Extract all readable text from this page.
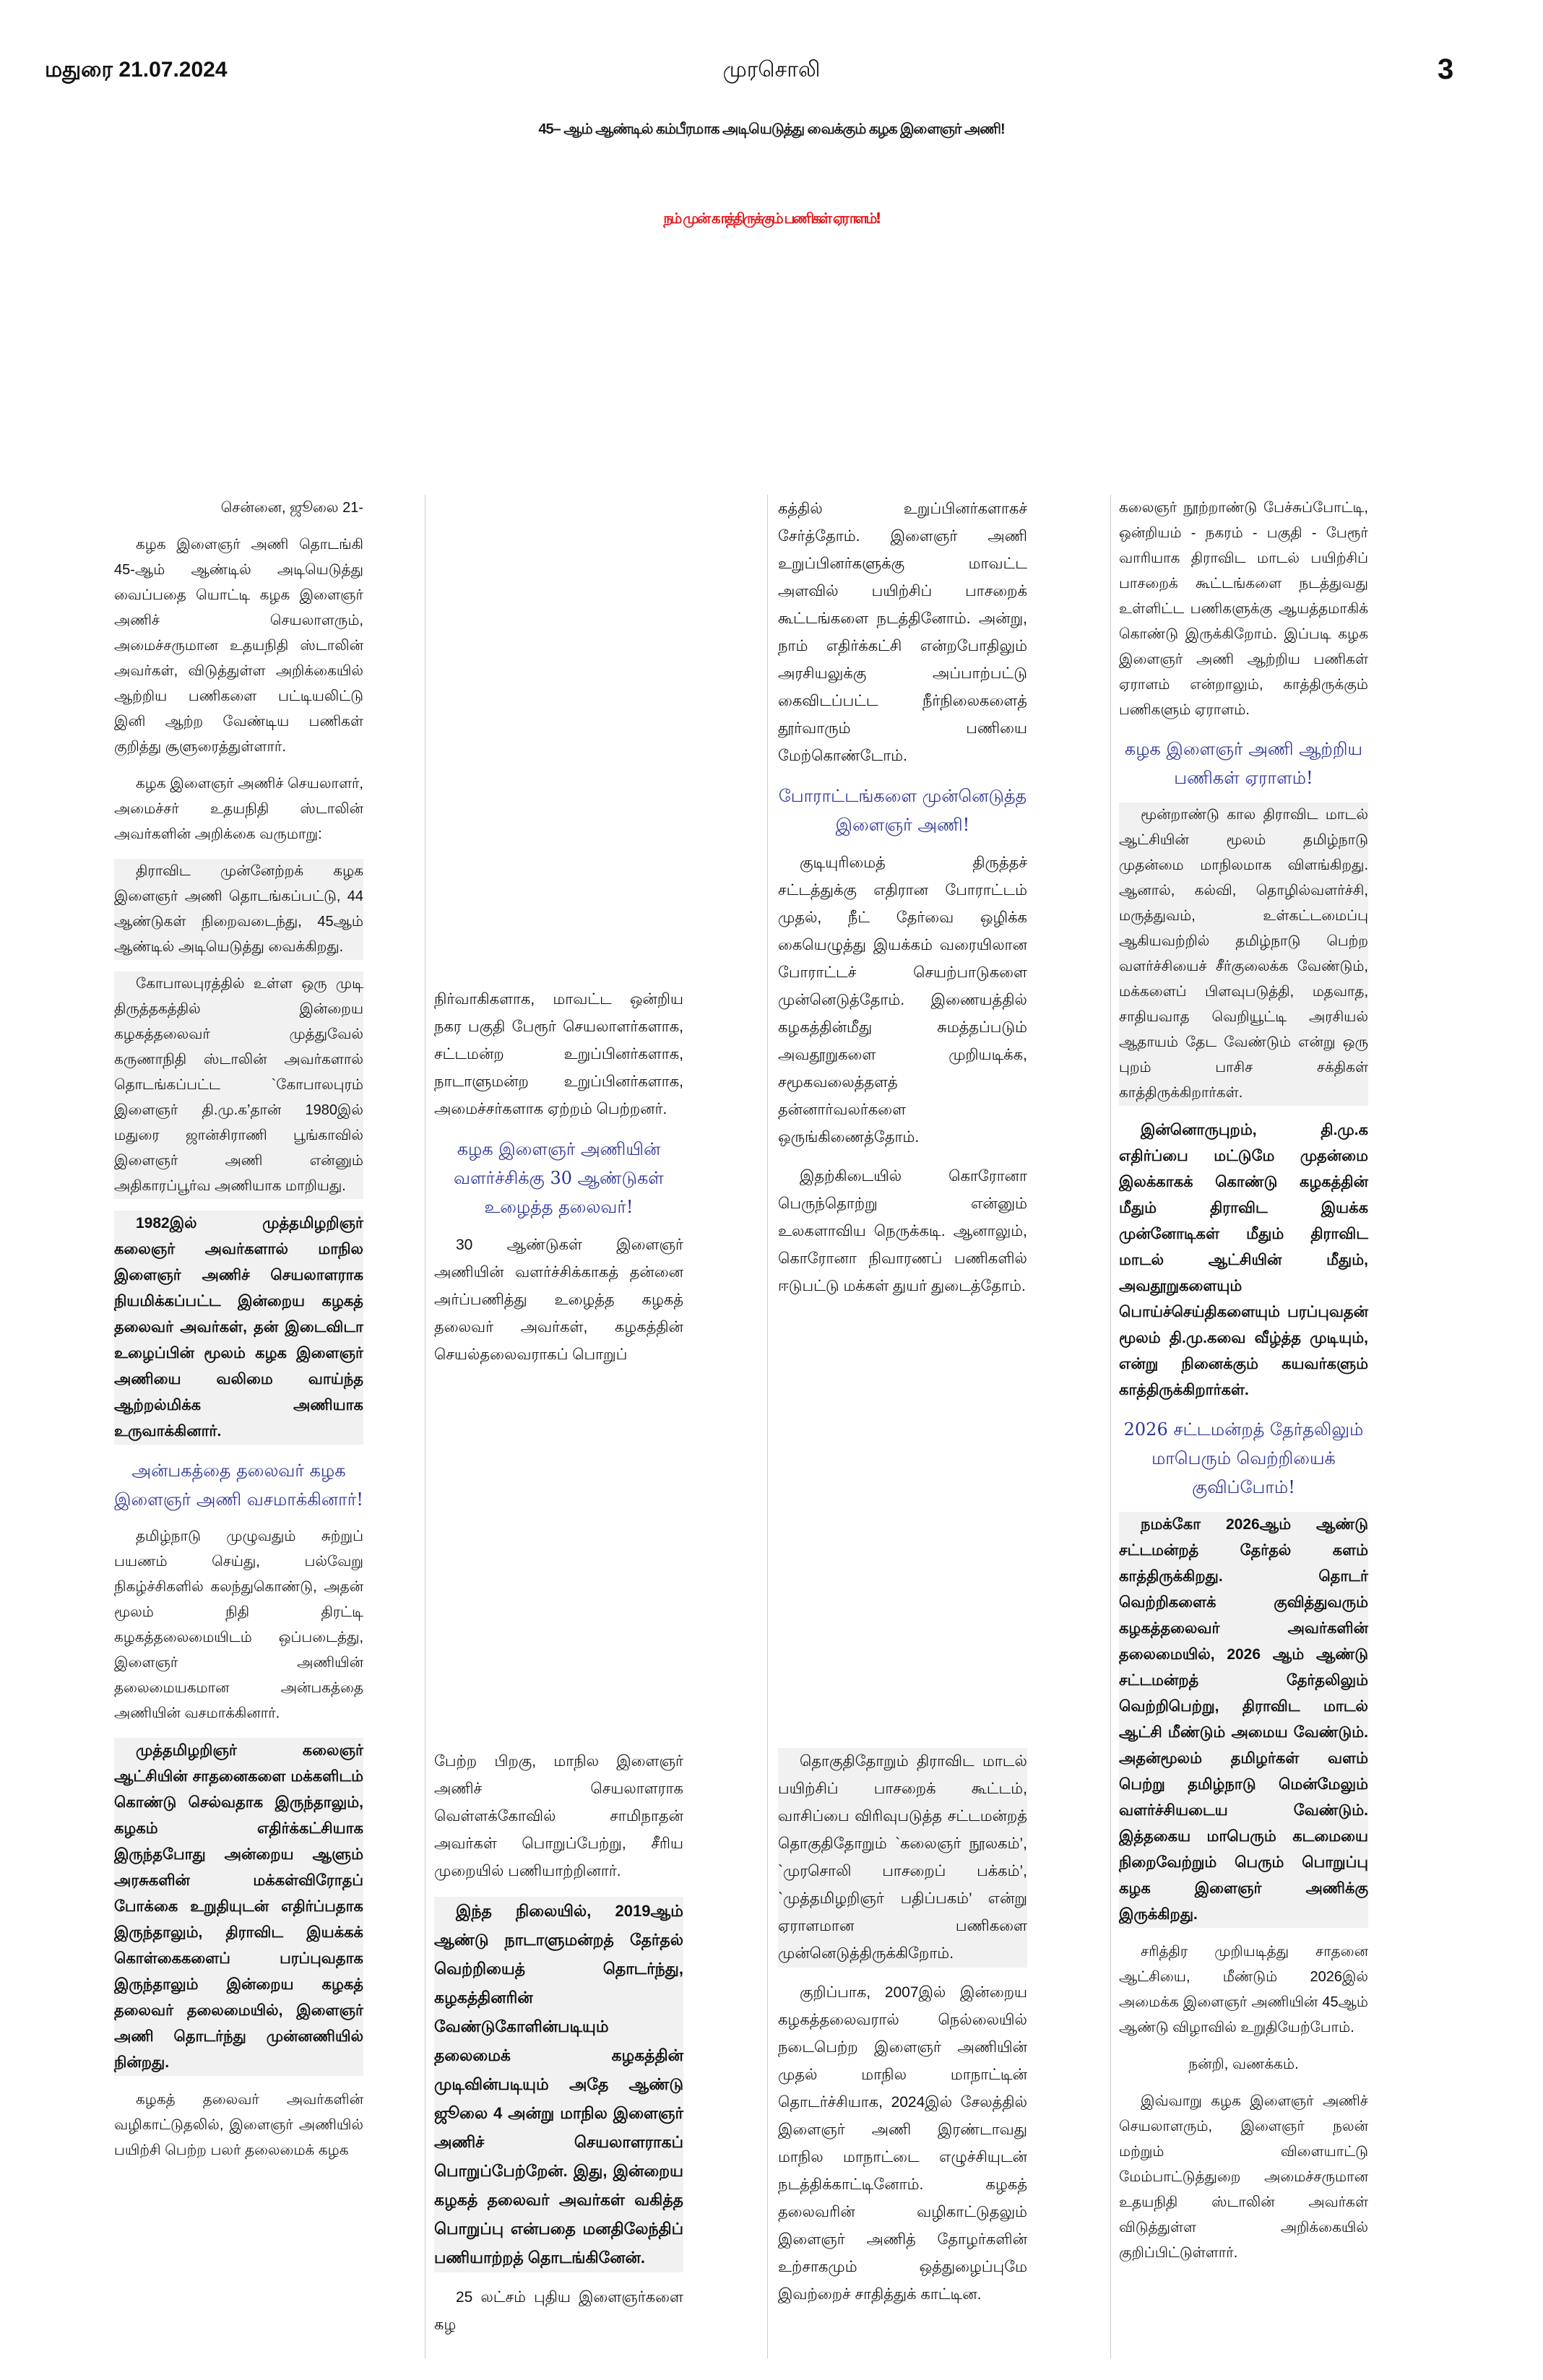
மதுரை 21.07.2024	முரசொலி	3
45– ஆம் ஆண்டில் கம்பீரமாக அடியெடுத்து வைக்கும் கழக இளைஞர் அணி!
நம் முன் காத்திருக்கும் பணிகள் ஏராளம்!

சென்னை, ஜூலை 21-

கழக இளைஞர் அணி தொடங்கி 45-ஆம் ஆண்டில் அடியெடுத்து வைப்பதை யொட்டி கழக இளைஞர் அணிச் செயலாளரும், அமைச்சருமான உதயநிதி ஸ்டாலின் அவர்கள், விடுத்துள்ள அறிக்கையில் ஆற்றிய பணிகளை பட்டியலிட்டு இனி ஆற்ற வேண்டிய பணிகள் குறித்து சூளுரைத்துள்ளார்.

கழக இளைஞர் அணிச் செயலாளர், அமைச்சர் உதயநிதி ஸ்டாலின் அவர்களின் அறிக்கை வருமாறு:

திராவிட முன்னேற்றக் கழக இளைஞர் அணி தொடங்கப்பட்டு, 44 ஆண்டுகள் நிறைவடைந்து, 45ஆம் ஆண்டில் அடியெடுத்து வைக்கிறது.

கோபாலபுரத்தில் உள்ள ஒரு முடி திருத்தகத்தில் இன்றைய கழகத்தலைவர் முத்துவேல் கருணாநிதி ஸ்டாலின் அவர்களால் தொடங்கப்பட்ட `கோபாலபுரம் இளைஞர் தி.மு.க’தான் 1980இல் மதுரை ஜான்சிராணி பூங்காவில் இளைஞர் அணி என்னும் அதிகாரப்பூர்வ அணியாக மாறியது.

1982இல் முத்தமிழறிஞர் கலைஞர் அவர்களால் மாநில இளைஞர் அணிச் செயலாளராக நியமிக்கப்பட்ட இன்றைய கழகத் தலைவர் அவர்கள், தன் இடைவிடா உழைப்பின் மூலம் கழக இளைஞர் அணியை வலிமை வாய்ந்த ஆற்றல்மிக்க அணியாக உருவாக்கினார்.

அன்பகத்தை தலைவர் கழக இளைஞர் அணி வசமாக்கினார்!

தமிழ்நாடு முழுவதும் சுற்றுப் பயணம் செய்து, பல்வேறு நிகழ்ச்சிகளில் கலந்துகொண்டு, அதன் மூலம் நிதி திரட்டி கழகத்தலைமையிடம் ஒப்படைத்து, இளைஞர் அணியின் தலைமையகமான அன்பகத்தை அணியின் வசமாக்கினார்.

முத்தமிழறிஞர் கலைஞர் ஆட்சியின் சாதனைகளை மக்களிடம் கொண்டு செல்வதாக இருந்தாலும், கழகம் எதிர்க்கட்சியாக இருந்தபோது அன்றைய ஆளும் அரசுகளின் மக்கள்விரோதப் போக்கை உறுதியுடன் எதிர்ப்பதாக இருந்தாலும், திராவிட இயக்கக் கொள்கைகளைப் பரப்புவதாக இருந்தாலும் இன்றைய கழகத் தலைவர் தலைமையில், இளைஞர் அணி தொடர்ந்து முன்னணியில் நின்றது.

கழகத் தலைவர் அவர்களின் வழிகாட்டுதலில், இளைஞர் அணியில் பயிற்சி பெற்ற பலர் தலைமைக் கழக

நிர்வாகிகளாக, மாவட்ட ஒன்றிய நகர பகுதி பேரூர் செயலாளர்களாக, சட்டமன்ற உறுப்பினர்களாக, நாடாளுமன்ற உறுப்பினர்களாக, அமைச்சர்களாக ஏற்றம் பெற்றனர்.

கழக இளைஞர் அணியின் வளர்ச்சிக்கு 30 ஆண்டுகள் உழைத்த தலைவர்!

30 ஆண்டுகள் இளைஞர் அணியின் வளர்ச்சிக்காகத் தன்னை அர்ப்பணித்து உழைத்த கழகத் தலைவர் அவர்கள், கழகத்தின் செயல்தலைவராகப் பொறுப்

பேற்ற பிறகு, மாநில இளைஞர் அணிச் செயலாளராக வெள்ளக்கோவில் சாமிநாதன் அவர்கள் பொறுப்பேற்று, சீரிய முறையில் பணியாற்றினார்.

இந்த நிலையில், 2019ஆம் ஆண்டு நாடாளுமன்றத் தேர்தல் வெற்றியைத் தொடர்ந்து, கழகத்தினரின் வேண்டுகோளின்படியும் தலைமைக் கழகத்தின் முடிவின்படியும் அதே ஆண்டு ஜூலை 4 அன்று மாநில இளைஞர் அணிச் செயலாளராகப் பொறுப்பேற்றேன். இது, இன்றைய கழகத் தலைவர் அவர்கள் வகித்த பொறுப்பு என்பதை மனதிலேந்திப் பணியாற்றத் தொடங்கினேன்.

25 லட்சம் புதிய இளைஞர்களை கழ

கத்தில் உறுப்பினர்களாகச் சேர்த்தோம். இளைஞர் அணி உறுப்பினர்களுக்கு மாவட்ட அளவில் பயிற்சிப் பாசறைக் கூட்டங்களை நடத்தினோம். அன்று, நாம் எதிர்க்கட்சி என்றபோதிலும் அரசியலுக்கு அப்பாற்பட்டு கைவிடப்பட்ட நீர்நிலைகளைத் தூர்வாரும் பணியை மேற்கொண்டோம்.

போராட்டங்களை முன்னெடுத்த இளைஞர் அணி!

குடியுரிமைத் திருத்தச் சட்டத்துக்கு எதிரான போராட்டம் முதல், நீட் தேர்வை ஒழிக்க கையெழுத்து இயக்கம் வரையிலான போராட்டச் செயற்பாடுகளை முன்னெடுத்தோம். இணையத்தில் கழகத்தின்மீது சுமத்தப்படும் அவதூறுகளை முறியடிக்க, சமூகவலைத்தளத் தன்னார்வலர்களை ஒருங்கிணைத்தோம்.

இதற்கிடையில் கொரோனா பெருந்தொற்று என்னும் உலகளாவிய நெருக்கடி. ஆனாலும், கொரோனா நிவாரணப் பணிகளில் ஈடுபட்டு மக்கள் துயர் துடைத்தோம்.

தொகுதிதோறும் திராவிட மாடல் பயிற்சிப் பாசறைக் கூட்டம், வாசிப்பை விரிவுபடுத்த சட்டமன்றத் தொகுதிதோறும் `கலைஞர் நூலகம்’, `முரசொலி பாசறைப் பக்கம்’, `முத்தமிழறிஞர் பதிப்பகம்’ என்று ஏராளமான பணிகளை முன்னெடுத்திருக்கிறோம்.

குறிப்பாக, 2007இல் இன்றைய கழகத்தலைவரால் நெல்லையில் நடைபெற்ற இளைஞர் அணியின் முதல் மாநில மாநாட்டின் தொடர்ச்சியாக, 2024இல் சேலத்தில் இளைஞர் அணி இரண்டாவது மாநில மாநாட்டை எழுச்சியுடன் நடத்திக்காட்டினோம். கழகத் தலைவரின் வழிகாட்டுதலும் இளைஞர் அணித் தோழர்களின் உற்சாகமும் ஒத்துழைப்புமே இவற்றைச் சாதித்துக் காட்டின.

கலைஞர் நூற்றாண்டு பேச்சுப்போட்டி, ஒன்றியம் - நகரம் - பகுதி - பேரூர் வாரியாக திராவிட மாடல் பயிற்சிப் பாசறைக் கூட்டங்களை நடத்துவது உள்ளிட்ட பணிகளுக்கு ஆயத்தமாகிக் கொண்டு இருக்கிறோம். இப்படி கழக இளைஞர் அணி ஆற்றிய பணிகள் ஏராளம் என்றாலும், காத்திருக்கும் பணிகளும் ஏராளம்.

கழக இளைஞர் அணி ஆற்றிய பணிகள் ஏராளம்!

மூன்றாண்டு கால திராவிட மாடல் ஆட்சியின் மூலம் தமிழ்நாடு முதன்மை மாநிலமாக விளங்கிறது. ஆனால், கல்வி, தொழில்வளர்ச்சி, மருத்துவம், உள்கட்டமைப்பு ஆகியவற்றில் தமிழ்நாடு பெற்ற வளர்ச்சியைச் சீர்குலைக்க வேண்டும், மக்களைப் பிளவுபடுத்தி, மதவாத, சாதியவாத வெறியூட்டி அரசியல் ஆதாயம் தேட வேண்டும் என்று ஒரு புறம் பாசிச சக்திகள் காத்திருக்கிறார்கள்.

இன்னொருபுறம், தி.மு.க எதிர்ப்பை மட்டுமே முதன்மை இலக்காகக் கொண்டு கழகத்தின் மீதும் திராவிட இயக்க முன்னோடிகள் மீதும் திராவிட மாடல் ஆட்சியின் மீதும், அவதூறுகளையும் பொய்ச்செய்திகளையும் பரப்புவதன் மூலம் தி.மு.கவை வீழ்த்த முடியும், என்று நினைக்கும் கயவர்களும் காத்திருக்கிறார்கள்.

2026 சட்டமன்றத் தேர்தலிலும் மாபெரும் வெற்றியைக் குவிப்போம்!

நமக்கோ 2026ஆம் ஆண்டு சட்டமன்றத் தேர்தல் களம் காத்திருக்கிறது. தொடர் வெற்றிகளைக் குவித்துவரும் கழகத்தலைவர் அவர்களின் தலைமையில், 2026 ஆம் ஆண்டு சட்டமன்றத் தேர்தலிலும் வெற்றிபெற்று, திராவிட மாடல் ஆட்சி மீண்டும் அமைய வேண்டும். அதன்மூலம் தமிழர்கள் வளம் பெற்று தமிழ்நாடு மென்மேலும் வளர்ச்சியடைய வேண்டும். இத்தகைய மாபெரும் கடமையை நிறைவேற்றும் பெரும் பொறுப்பு கழக இளைஞர் அணிக்கு இருக்கிறது.

சரித்திர முறியடித்து சாதனை ஆட்சியை, மீண்டும் 2026இல் அமைக்க இளைஞர் அணியின் 45ஆம் ஆண்டு விழாவில் உறுதியேற்போம்.

நன்றி, வணக்கம்.

இவ்வாறு கழக இளைஞர் அணிச் செயலாளரும், இளைஞர் நலன் மற்றும் விளையாட்டு மேம்பாட்டுத்துறை அமைச்சருமான உதயநிதி ஸ்டாலின் அவர்கள் விடுத்துள்ள அறிக்கையில் குறிப்பிட்டுள்ளார்.
